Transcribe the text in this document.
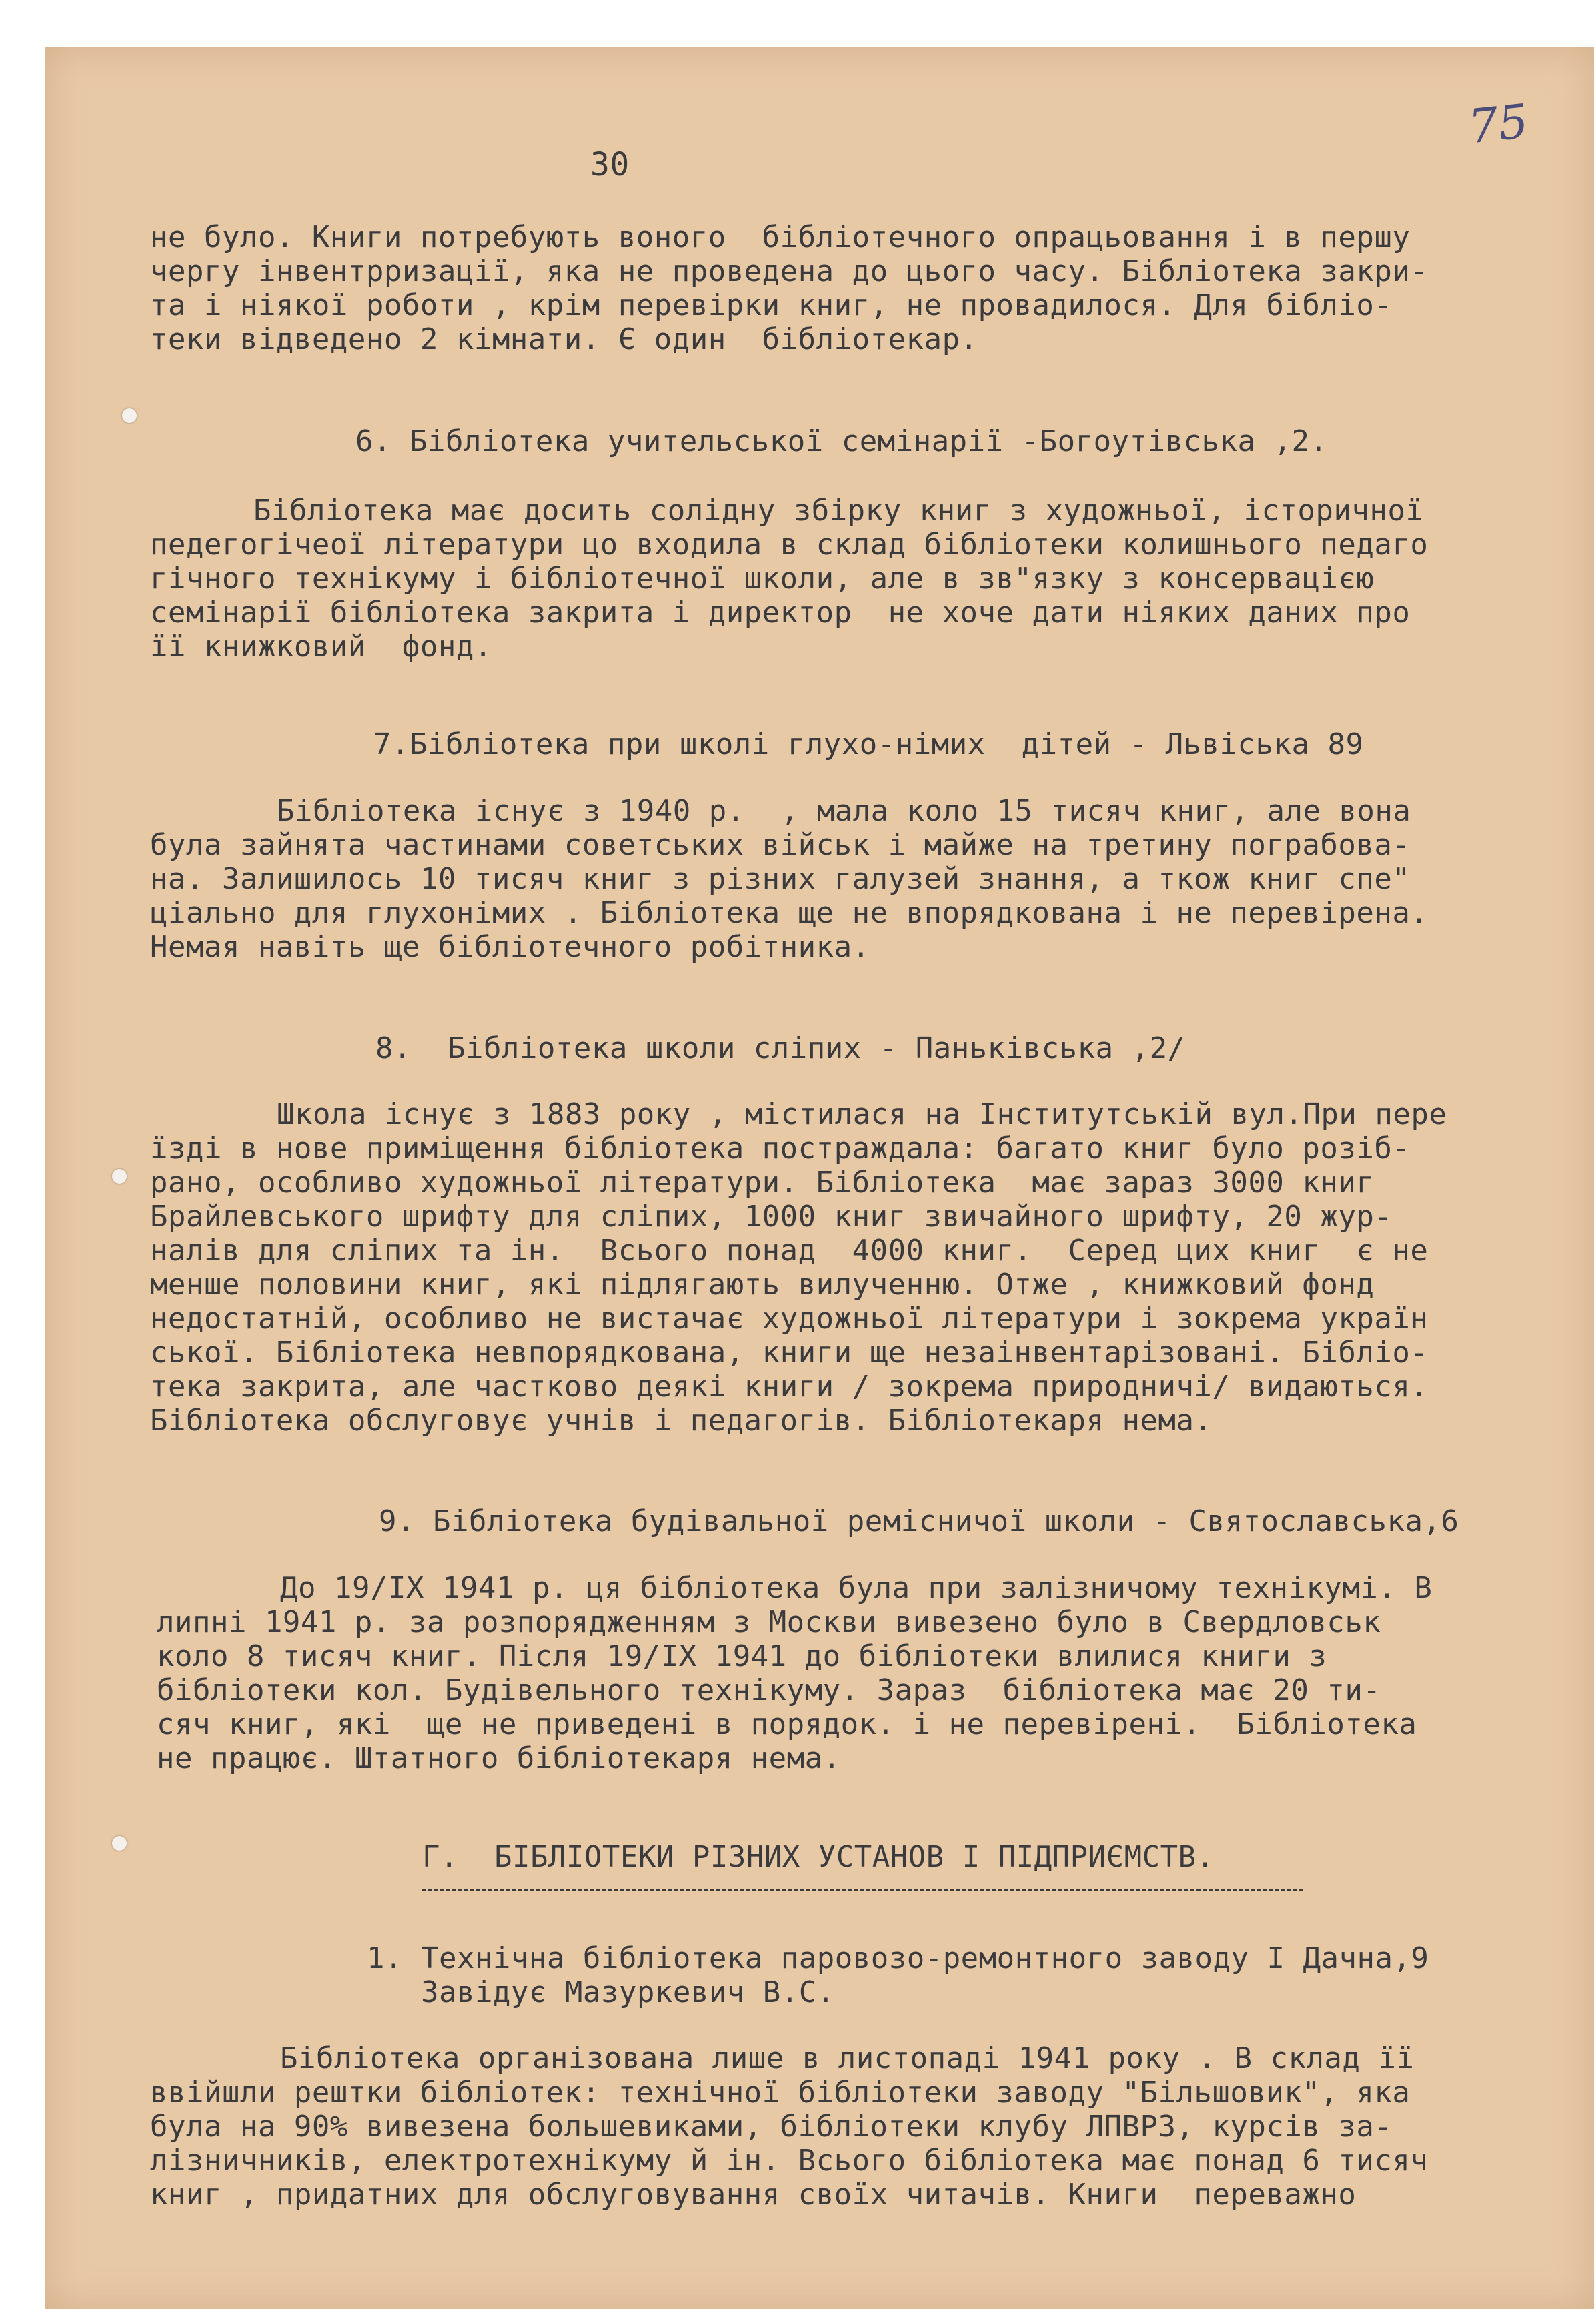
75
30
не було. Книги потребують воного  бібліотечного опрацьовання і в першу
чергу інвентрризації, яка не проведена до цього часу. Бібліотека закри-
та і ніякої роботи , крім перевірки книг, не провадилося. Для бібліо-
теки відведено 2 кімнати. Є один  бібліотекар.
6. Бібліотека учительської семінарії -Богоутівська ,2.
Бібліотека має досить солідну збірку книг з художньої, історичної
педегогічеої літератури цо входила в склад бібліотеки колишнього педаго
гічного технікуму і бібліотечної школи, але в зв"язку з консервацією
семінарії бібліотека закрита і директор  не хоче дати ніяких даних про
її книжковий  фонд.
7.Бібліотека при школі глухо-німих  дітей - Львіська 89
Бібліотека існує з 1940 р.  , мала коло 15 тисяч книг, але вона
була зайнята частинами советських військ і майже на третину пограбова-
на. Залишилось 10 тисяч книг з різних галузей знання, а ткож книг спе"
ціально для глухонімих . Бібліотека ще не впорядкована і не перевірена.
Немая навіть ще бібліотечного робітника.
8.  Бібліотека школи сліпих - Паньківська ,2/
Школа існує з 1883 року , містилася на Інститутській вул.При пере
їзді в нове приміщення бібліотека постраждала: багато книг було розіб-
рано, особливо художньої літератури. Бібліотека  має зараз 3000 книг
Брайлевського шрифту для сліпих, 1000 книг звичайного шрифту, 20 жур-
налів для сліпих та ін.  Всього понад  4000 книг.  Серед цих книг  є не
менше половини книг, які підлягають вилученню. Отже , книжковий фонд
недостатній, особливо не вистачає художньої літератури і зокрема україн
ської. Бібліотека невпорядкована, книги ще незаінвентарізовані. Бібліо-
тека закрита, але частково деякі книги / зокрема природничі/ видаються.
Бібліотека обслуговує учнів і педагогів. Бібліотекаря нема.
9. Бібліотека будівальної ремісничої школи - Святославська,6
До 19/IX 1941 р. ця бібліотека була при залізничому технікумі. В
липні 1941 р. за розпорядженням з Москви вивезено було в Свердловськ
коло 8 тисяч книг. Після 19/IX 1941 до бібліотеки влилися книги з
бібліотеки кол. Будівельного технікуму. Зараз  бібліотека має 20 ти-
сяч книг, які  ще не приведені в порядок. і не перевірені.  Бібліотека
не працює. Штатного бібліотекаря нема.
Г.  БІБЛІОТЕКИ РІЗНИХ УСТАНОВ І ПІДПРИЄМСТВ.
1. Технічна бібліотека паровозо-ремонтного заводу І Дачна,9
Завідує Мазуркевич В.С.
Бібліотека організована лише в листопаді 1941 року . В склад її
ввійшли рештки бібліотек: технічної бібліотеки заводу "Більшовик", яка
була на 90% вивезена большевиками, бібліотеки клубу ЛПВРЗ, курсів за-
лізничників, електротехнікуму й ін. Всього бібліотека має понад 6 тисяч
книг , придатних для обслуговування своїх читачів. Книги  переважно
